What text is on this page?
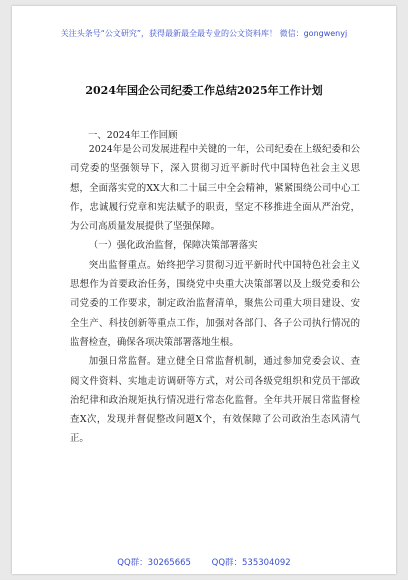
关注头条号“公文研究”，获得最新最全最专业的公文资料库！ 微信：gongwenyj
2024年国企公司纪委工作总结2025年工作计划
一、2024年工作回顾

2024年是公司发展进程中关键的一年，公司纪委在上级纪委和公司党委的坚强领导下，深入贯彻习近平新时代中国特色社会主义思想，全面落实党的XX大和二十届三中全会精神，紧紧围绕公司中心工作，忠诚履行党章和宪法赋予的职责，坚定不移推进全面从严治党，为公司高质量发展提供了坚强保障。

（一）强化政治监督，保障决策部署落实

突出监督重点。始终把学习贯彻习近平新时代中国特色社会主义思想作为首要政治任务，围绕党中央重大决策部署以及上级党委和公司党委的工作要求，制定政治监督清单，聚焦公司重大项目建设、安全生产、科技创新等重点工作，加强对各部门、各子公司执行情况的监督检查，确保各项决策部署落地生根。

加强日常监督。建立健全日常监督机制，通过参加党委会议、查阅文件资料、实地走访调研等方式，对公司各级党组织和党员干部政治纪律和政治规矩执行情况进行常态化监督。全年共开展日常监督检查X次，发现并督促整改问题X个，有效保障了公司政治生态风清气正。

QQ群：30265665 QQ群：535304092
